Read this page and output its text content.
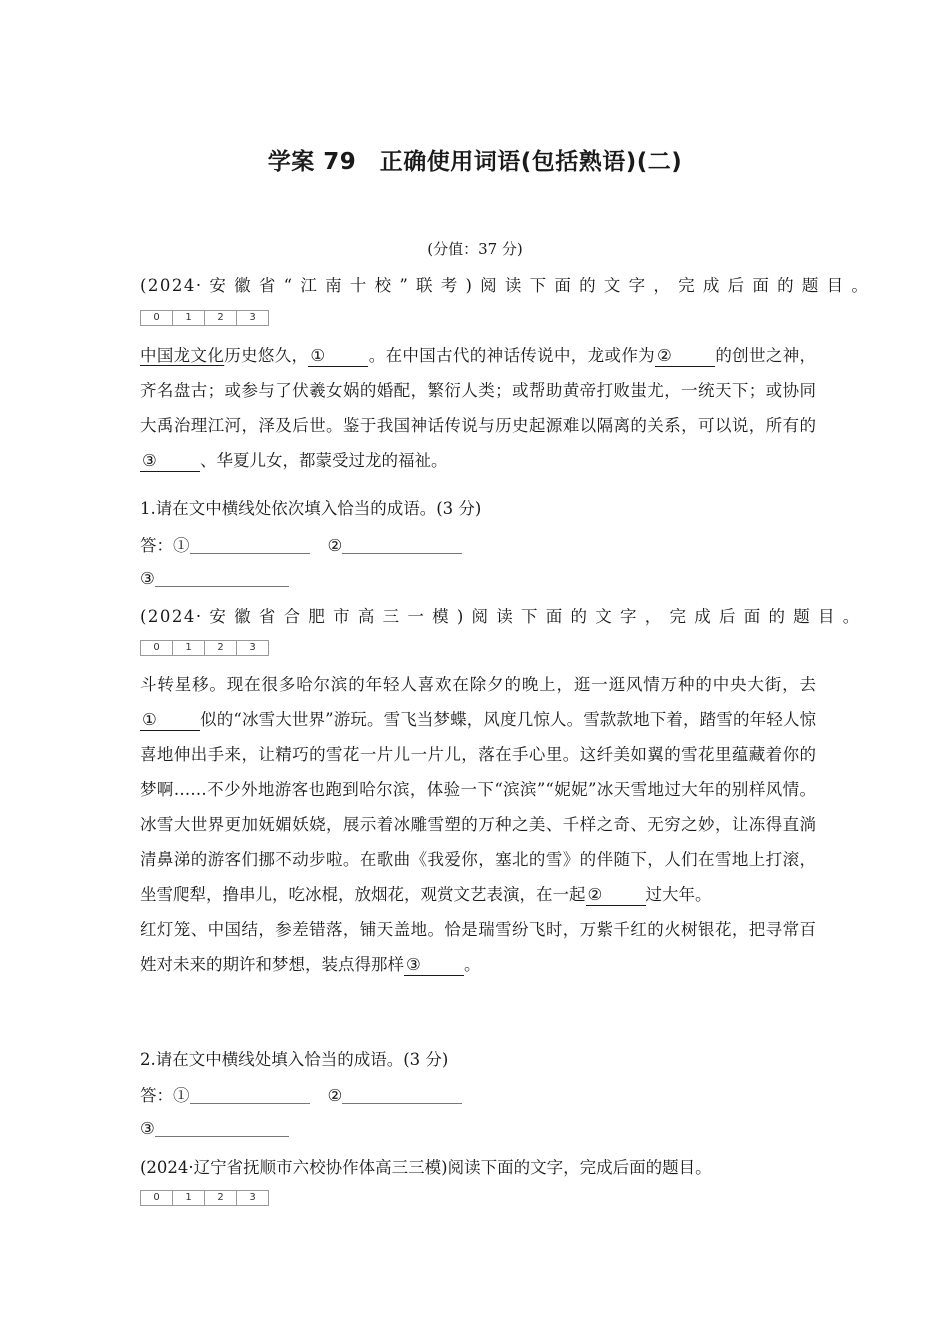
学案 79　正确使用词语(包括熟语)(二)
(分值：37 分)
(2024· 安 徽 省 “ 江 南 十 校 ” 联 考 ) 阅 读 下 面 的 文 字 ， 完 成 后 面 的 题 目 。
0	1	2	3

中国龙文化历史悠久， ①	。在中国古代的神话传说中，龙或作为 ②	的创世之神，齐名盘古；或参与了伏羲女娲的婚配，繁衍人类；或帮助黄帝打败蚩尤，一统天下；或协同大禹治理江河，泽及后世。鉴于我国神话传说与历史起源难以隔离的关系，可以说，所有的③	、华夏儿女，都蒙受过龙的福祉。

1.请在文中横线处依次填入恰当的成语。(3 分)
答：①	②
③
(2024· 安 徽 省 合 肥 市 高 三 一 模 ) 阅 读 下 面 的 文 字 ， 完 成 后 面 的 题 目 。
0	1	2	3

斗转星移。现在很多哈尔滨的年轻人喜欢在除夕的晚上，逛一逛风情万种的中央大街，去①	似的“冰雪大世界”游玩。雪飞当梦蝶，风度几惊人。雪款款地下着，踏雪的年轻人惊喜地伸出手来，让精巧的雪花一片儿一片儿，落在手心里。这纤美如翼的雪花里蕴藏着你的梦啊……不少外地游客也跑到哈尔滨，体验一下“滨滨”“妮妮”冰天雪地过大年的别样风情。冰雪大世界更加妩媚妖娆，展示着冰雕雪塑的万种之美、千样之奇、无穷之妙，让冻得直淌清鼻涕的游客们挪不动步啦。在歌曲《我爱你，塞北的雪》的伴随下，人们在雪地上打滚，坐雪爬犁，撸串儿，吃冰棍，放烟花，观赏文艺表演，在一起 ②	过大年。

红灯笼、中国结，参差错落，铺天盖地。恰是瑞雪纷飞时，万紫千红的火树银花，把寻常百姓对未来的期许和梦想，装点得那样 ③	。

2.请在文中横线处填入恰当的成语。(3 分)
答：①	②
③
(2024·辽宁省抚顺市六校协作体高三三模)阅读下面的文字，完成后面的题目。
0	1	2	3
